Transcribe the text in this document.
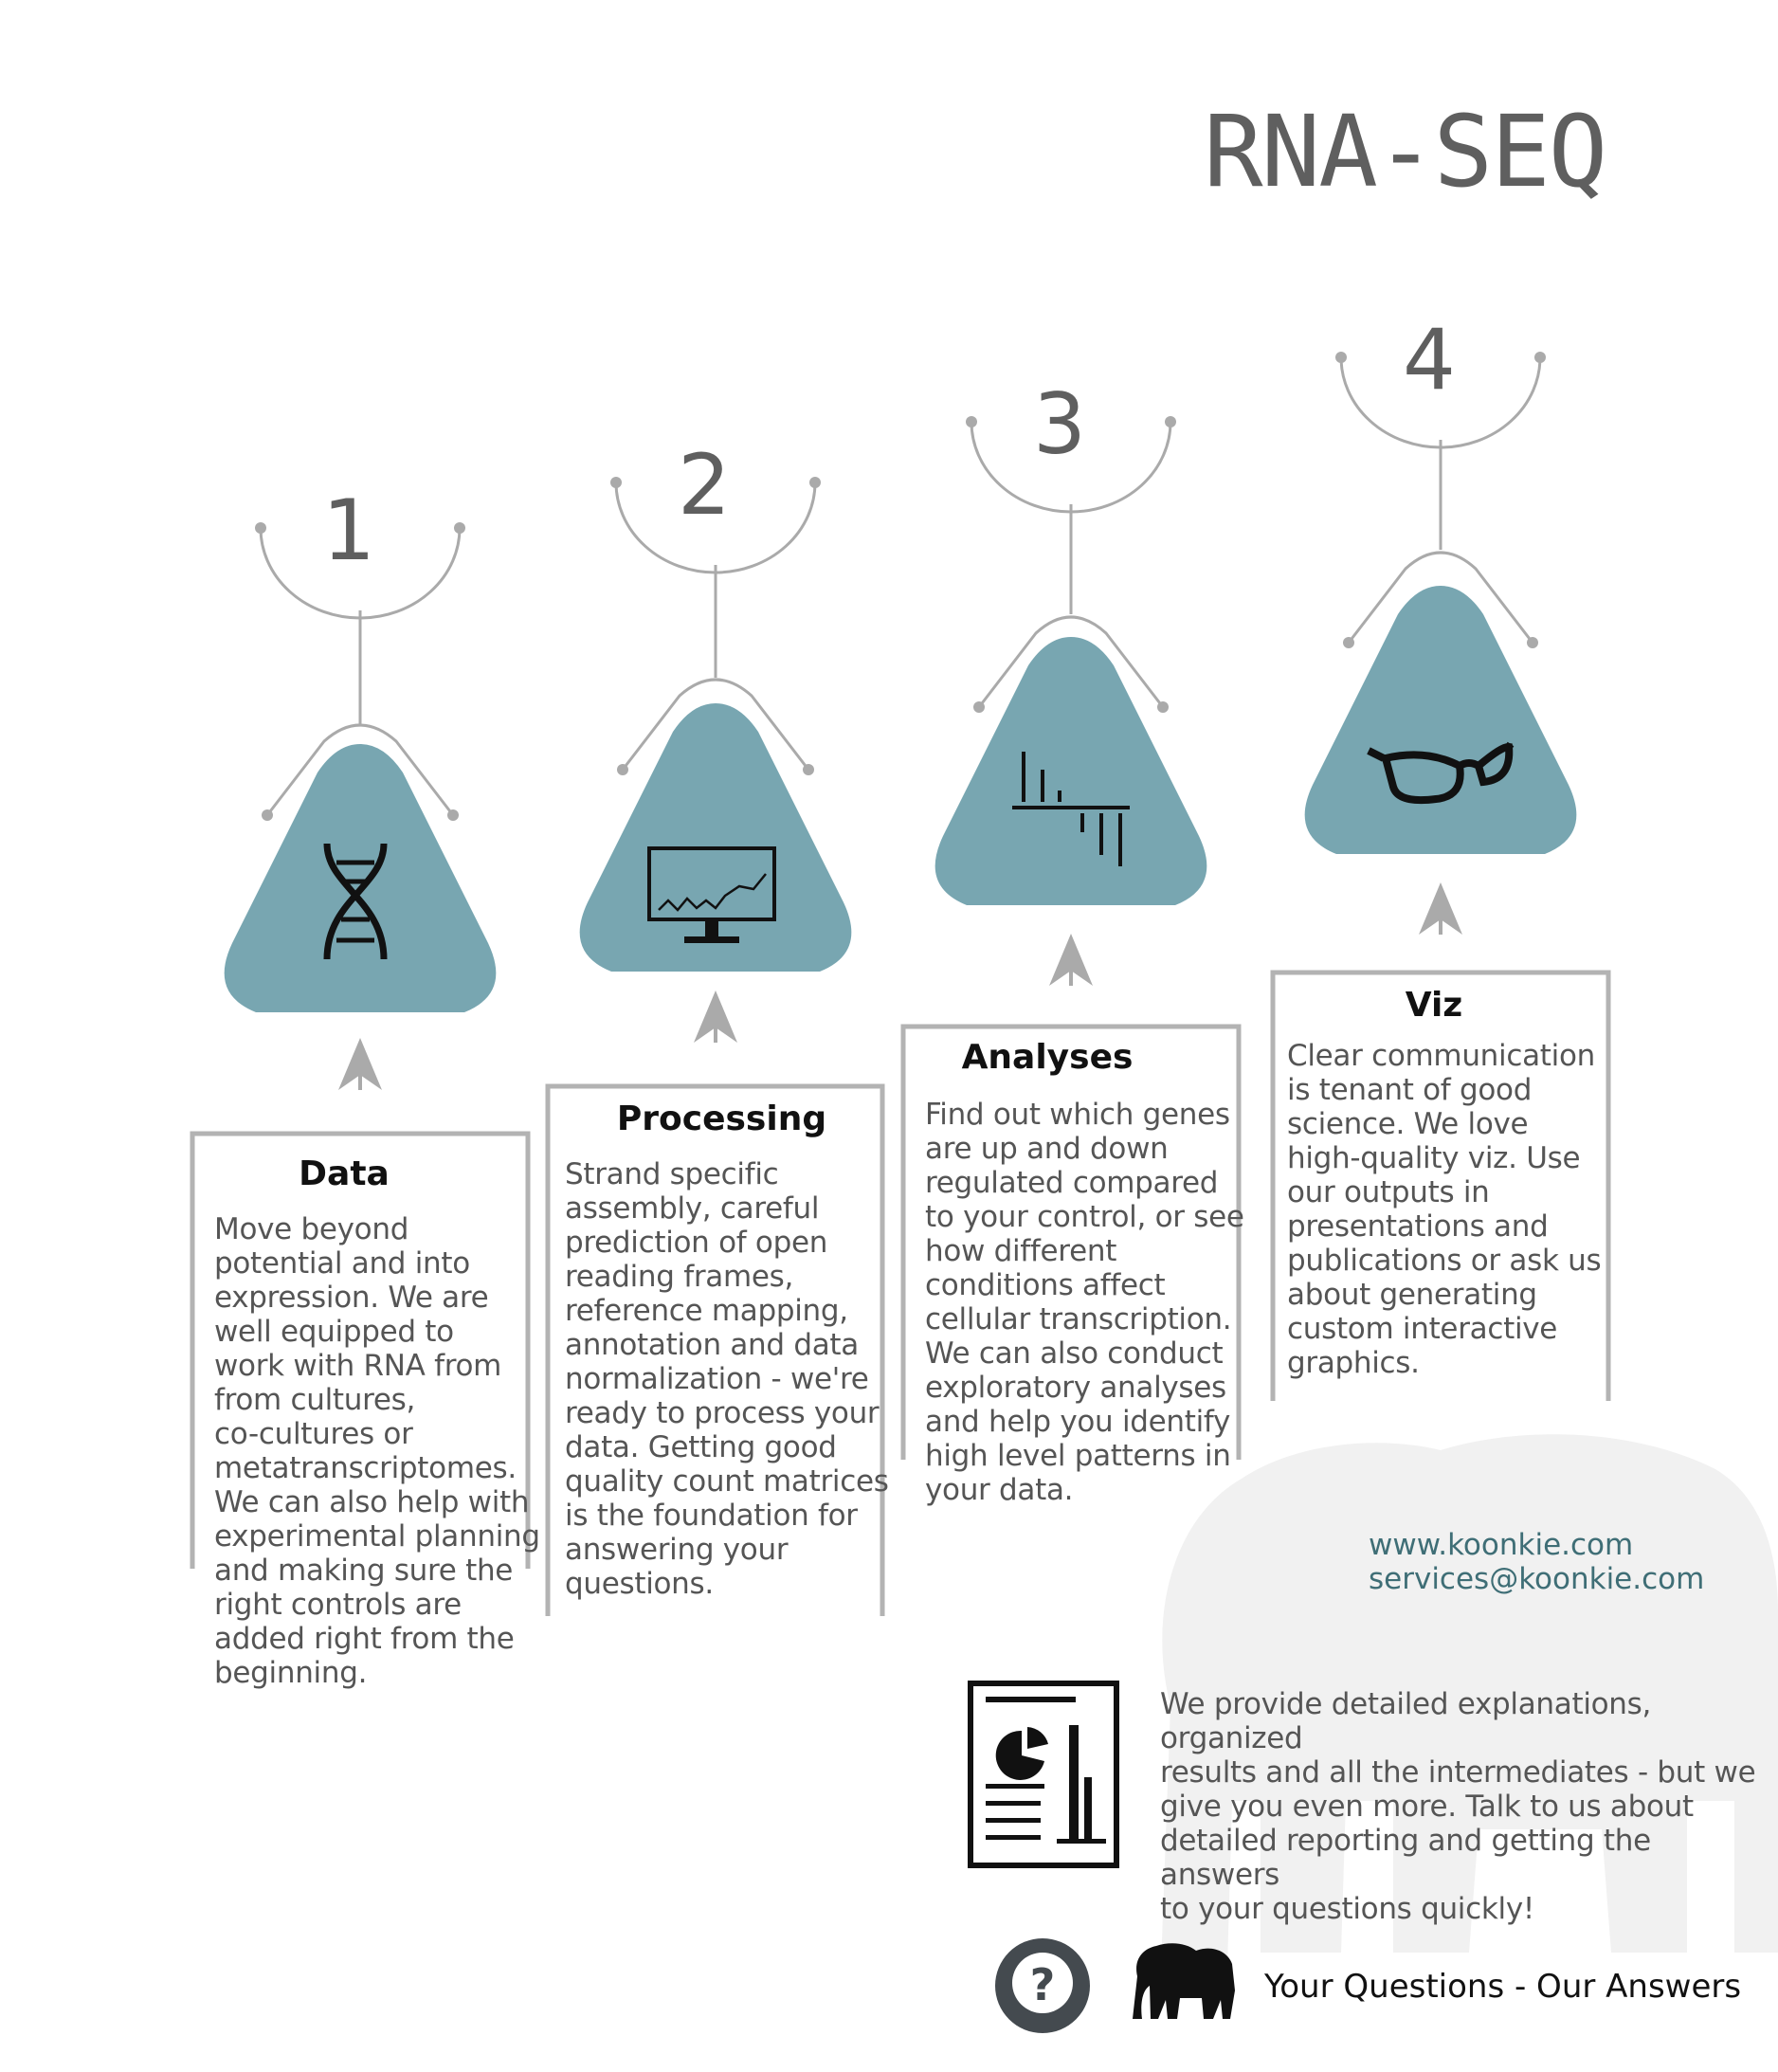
?
RNA-SEQ
1	2
3
4
Data
Move beyond
potential and into
expression. We are
well equipped to
work with RNA from
from cultures,
co-cultures or
metatranscriptomes.
We can also help with
experimental planning
and making sure the
right controls are
added right from the
beginning.
Processing
Strand specific
assembly, careful
prediction of open
reading frames,
reference mapping,
annotation and data
normalization - we're
ready to process your
data. Getting good
quality count matrices
is the foundation for
answering your
questions.
Analyses
Find out which genes
are up and down
regulated compared
to your control, or see
how different
conditions affect
cellular transcription.
We can also conduct
exploratory analyses
and help you identify
high level patterns in
your data.
Viz
Clear communication
is tenant of good
science. We love
high-quality viz. Use
our outputs in
presentations and
publications or ask us
about generating
custom interactive
graphics.
www.koonkie.com
services@koonkie.com
We provide detailed explanations, organized
results and all the intermediates - but we
give you even more. Talk to us about
detailed reporting and getting the answers
to your questions quickly!
Your Questions - Our Answers
